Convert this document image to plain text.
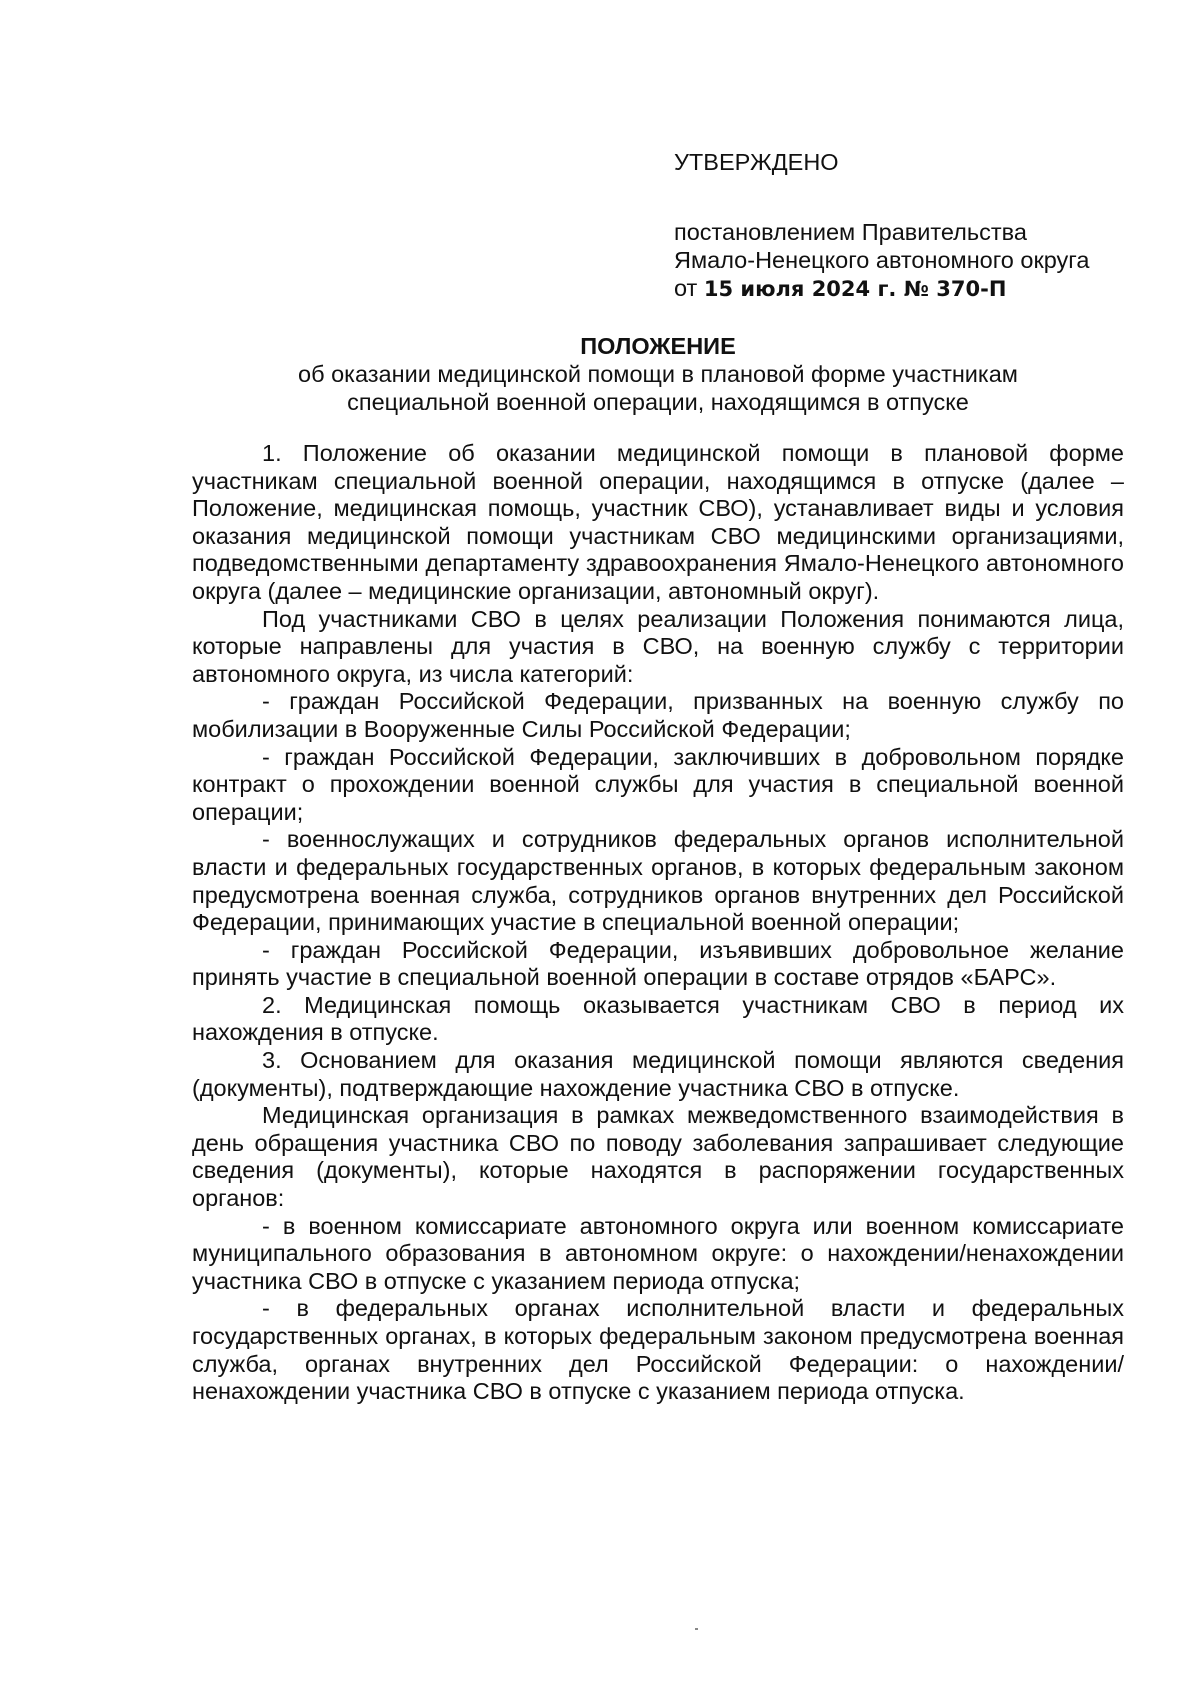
УТВЕРЖДЕНО
постановлением Правительства
Ямало-Ненецкого автономного округа
от 15 июля 2024 г. № 370-П
ПОЛОЖЕНИЕ
об оказании медицинской помощи в плановой форме участникам
специальной военной операции, находящимся в отпуске

1. Положение об оказании медицинской помощи в плановой форме участникам специальной военной операции, находящимся в отпуске (далее – Положение, медицинская помощь, участник СВО), устанавливает виды и условия оказания медицинской помощи участникам СВО медицинскими организациями, подведомственными департаменту здравоохранения Ямало-Ненецкого автономного округа (далее – медицинские организации, автономный округ).

Под участниками СВО в целях реализации Положения понимаются лица, которые направлены для участия в СВО, на военную службу с территории автономного округа, из числа категорий:

- граждан Российской Федерации, призванных на военную службу по мобилизации в Вооруженные Силы Российской Федерации;

- граждан Российской Федерации, заключивших в добровольном порядке контракт о прохождении военной службы для участия в специальной военной операции;

- военнослужащих и сотрудников федеральных органов исполнительной власти и федеральных государственных органов, в которых федеральным законом предусмотрена военная служба, сотрудников органов внутренних дел Российской Федерации, принимающих участие в специальной военной операции;

- граждан Российской Федерации, изъявивших добровольное желание принять участие в специальной военной операции в составе отрядов «БАРС».

2. Медицинская помощь оказывается участникам СВО в период их нахождения в отпуске.

3. Основанием для оказания медицинской помощи являются сведения (документы), подтверждающие нахождение участника СВО в отпуске.

Медицинская организация в рамках межведомственного взаимодействия в день обращения участника СВО по поводу заболевания запрашивает следующие сведения (документы), которые находятся в распоряжении государственных органов:

- в военном комиссариате автономного округа или военном комиссариате муниципального образования в автономном округе: о нахождении/ненахождении участника СВО в отпуске с указанием периода отпуска;

- в федеральных органах исполнительной власти и федеральных государственных органах, в которых федеральным законом предусмотрена военная служба, органах внутренних дел Российской Федерации: о нахождении/ненахождении участника СВО в отпуске с указанием периода отпуска.
